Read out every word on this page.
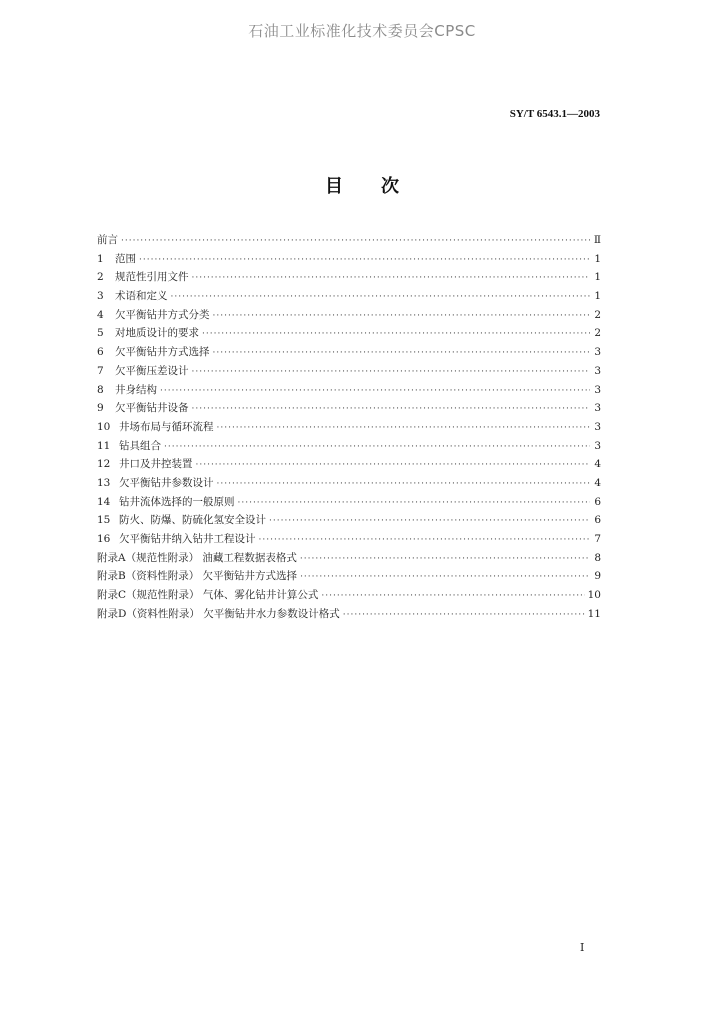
石油工业标准化技术委员会CPSC
SY/T 6543.1—2003
目 次
前言 ·····	Ⅱ
1	范围 ·····	1
2	规范性引用文件 ·····	1
3	术语和定义 ·····	1
4	欠平衡钻井方式分类 ·····	2
5	对地质设计的要求 ·····	2
6	欠平衡钻井方式选择 ·····	3
7	欠平衡压差设计 ·····	3
8	井身结构 ·····	3
9	欠平衡钻井设备 ·····	3
10 井场布局与循环流程 ·····	3
11 钻具组合 ·····	3
12 井口及井控装置 ·····	4
13 欠平衡钻井参数设计 ·····	4
14 钻井流体选择的一般原则 ·····	6
15 防火、防爆、防硫化氢安全设计 ·····	6
16 欠平衡钻井纳入钻井工程设计 ·····	7
附录A（规范性附录） 油藏工程数据表格式 ·····	8
附录B（资料性附录） 欠平衡钻井方式选择 ·····	9
附录C（规范性附录） 气体、雾化钻井计算公式 ·····	10
附录D（资料性附录） 欠平衡钻井水力参数设计格式 ·····	11
Ⅰ
